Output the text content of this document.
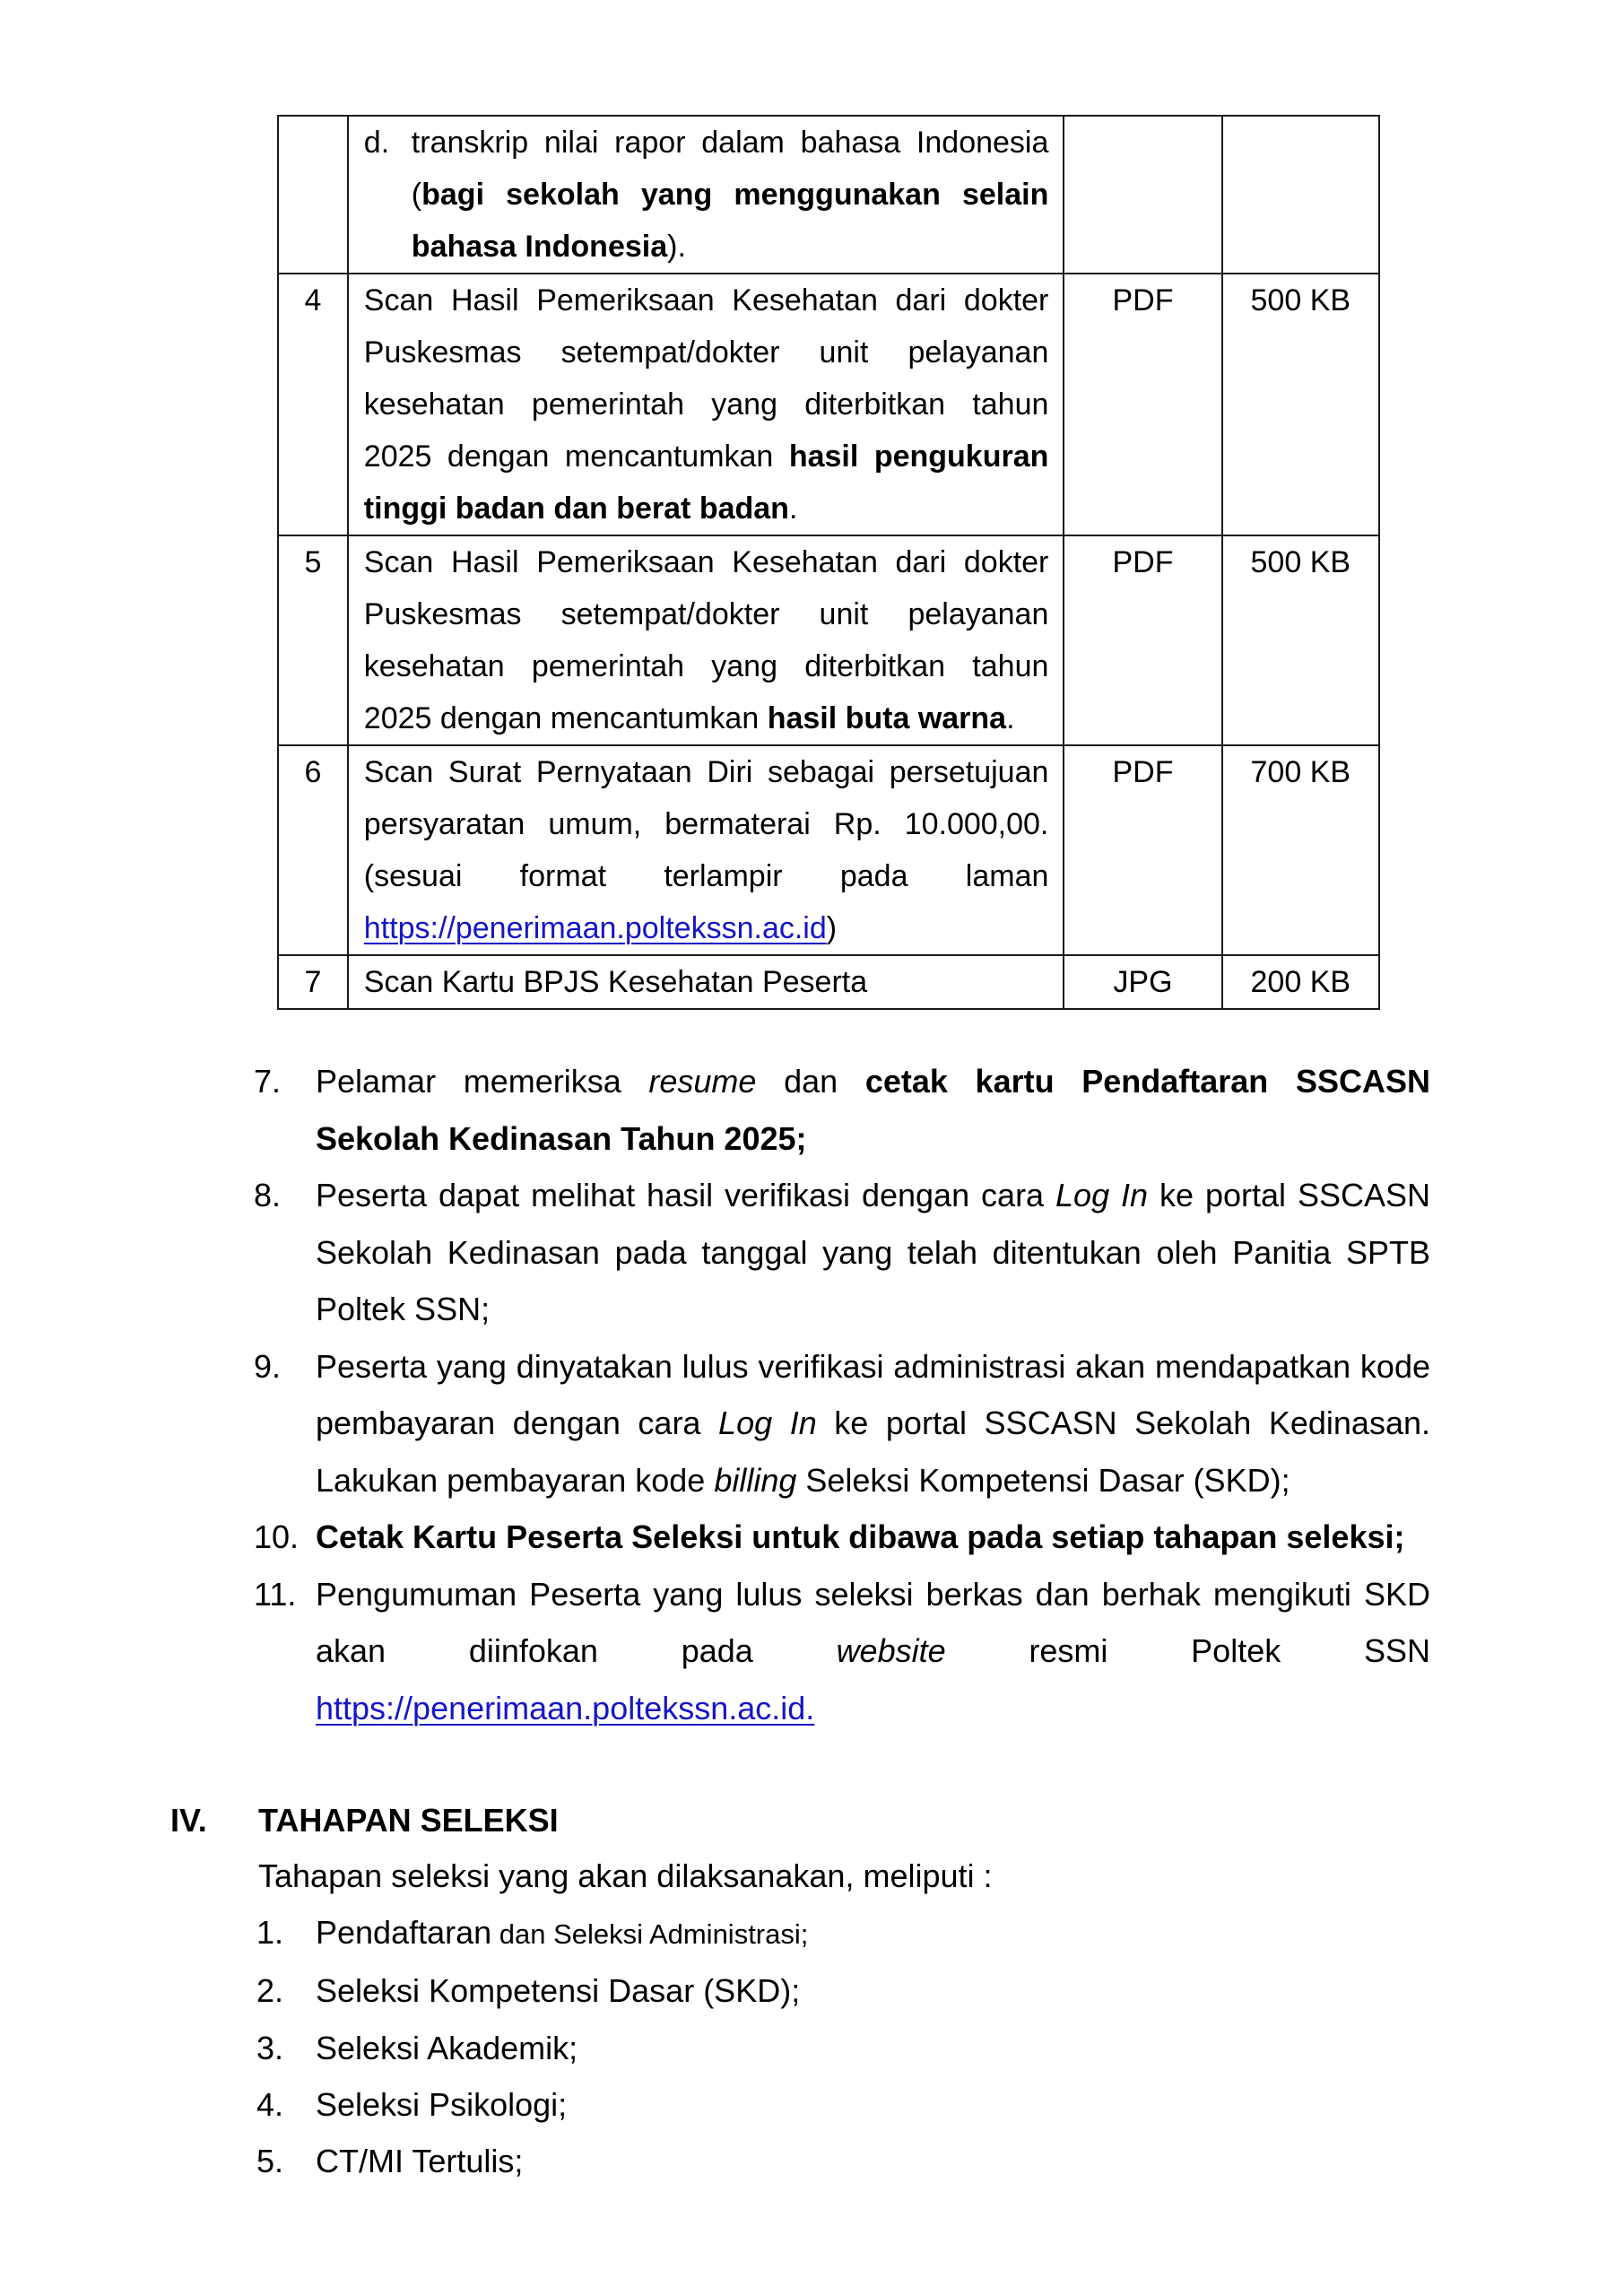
	d. transkrip nilai rapor dalam bahasa Indonesia (bagi sekolah yang menggunakan selain bahasa Indonesia).		

4	Scan Hasil Pemeriksaan Kesehatan dari dokter Puskesmas setempat/dokter unit pelayanan kesehatan pemerintah yang diterbitkan tahun 2025 dengan mencantumkan hasil pengukuran tinggi badan dan berat badan.	PDF	500 KB
5	Scan Hasil Pemeriksaan Kesehatan dari dokter Puskesmas setempat/dokter unit pelayanan kesehatan pemerintah yang diterbitkan tahun 2025 dengan mencantumkan hasil buta warna.	PDF	500 KB
6	Scan Surat Pernyataan Diri sebagai persetujuan persyaratan umum, bermaterai Rp. 10.000,00. (sesuai format terlampir pada laman https://penerimaan.poltekssn.ac.id)	PDF	700 KB
7	Scan Kartu BPJS Kesehatan Peserta	JPG	200 KB
7.	Pelamar memeriksa resume dan cetak kartu Pendaftaran SSCASN Sekolah Kedinasan Tahun 2025;
8.	Peserta dapat melihat hasil verifikasi dengan cara Log In ke portal SSCASN Sekolah Kedinasan pada tanggal yang telah ditentukan oleh Panitia SPTB Poltek SSN;
9.	Peserta yang dinyatakan lulus verifikasi administrasi akan mendapatkan kode pembayaran dengan cara Log In ke portal SSCASN Sekolah Kedinasan. Lakukan pembayaran kode billing Seleksi Kompetensi Dasar (SKD);
10. Cetak Kartu Peserta Seleksi untuk dibawa pada setiap tahapan seleksi;
11. Pengumuman Peserta yang lulus seleksi berkas dan berhak mengikuti SKD akan diinfokan pada website resmi Poltek SSN https://penerimaan.poltekssn.ac.id.
IV.	TAHAPAN SELEKSI
Tahapan seleksi yang akan dilaksanakan, meliputi :
1. Pendaftaran dan Seleksi Administrasi;
2. Seleksi Kompetensi Dasar (SKD);
3. Seleksi Akademik;
4. Seleksi Psikologi;
5. CT/MI Tertulis;
